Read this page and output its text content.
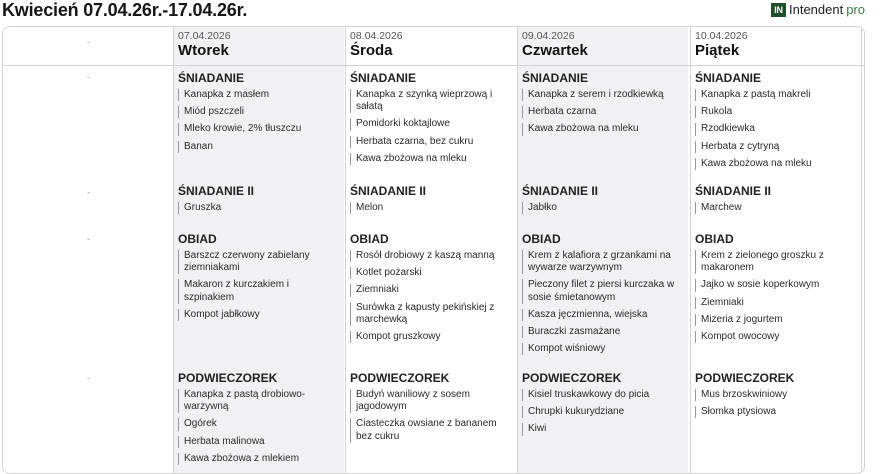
Kwiecień 07.04.26r.-17.04.26r.	IN Intendent pro
-
-
-
-
-
07.04.2026
Wtorek
ŚNIADANIE
Kanapka z masłem
Miód pszczeli
Mleko krowie, 2% tłuszczu
Banan
ŚNIADANIE II
Gruszka
OBIAD
Barszcz czerwony zabielany ziemniakami
Makaron z kurczakiem i szpinakiem
Kompot jabłkowy
PODWIECZOREK
Kanapka z pastą drobiowo-warzywną
Ogórek
Herbata malinowa
Kawa zbożowa z mlekiem
08.04.2026
Środa
ŚNIADANIE
Kanapka z szynką wieprzową i sałatą
Pomidorki koktajlowe
Herbata czarna, bez cukru
Kawa zbożowa na mleku
ŚNIADANIE II
Melon
OBIAD
Rosół drobiowy z kaszą manną
Kotlet pożarski
Ziemniaki
Surówka z kapusty pekińskiej z marchewką
Kompot gruszkowy
PODWIECZOREK
Budyń waniliowy z sosem jagodowym
Ciasteczka owsiane z bananem bez cukru
09.04.2026
Czwartek
ŚNIADANIE
Kanapka z serem i rzodkiewką
Herbata czarna
Kawa zbożowa na mleku
ŚNIADANIE II
Jabłko
OBIAD
Krem z kalafiora z grzankami na wywarze warzywnym
Pieczony filet z piersi kurczaka w sosie śmietanowym
Kasza jęczmienna, wiejska
Buraczki zasmażane
Kompot wiśniowy
PODWIECZOREK
Kisiel truskawkowy do picia
Chrupki kukurydziane
Kiwi
10.04.2026
Piątek
ŚNIADANIE
Kanapka z pastą makreli
Rukola
Rzodkiewka
Herbata z cytryną
Kawa zbożowa na mleku
ŚNIADANIE II
Marchew
OBIAD
Krem z zielonego groszku z makaronem
Jajko w sosie koperkowym
Ziemniaki
Mizeria z jogurtem
Kompot owocowy
PODWIECZOREK
Mus brzoskwiniowy
Słomka ptysiowa
